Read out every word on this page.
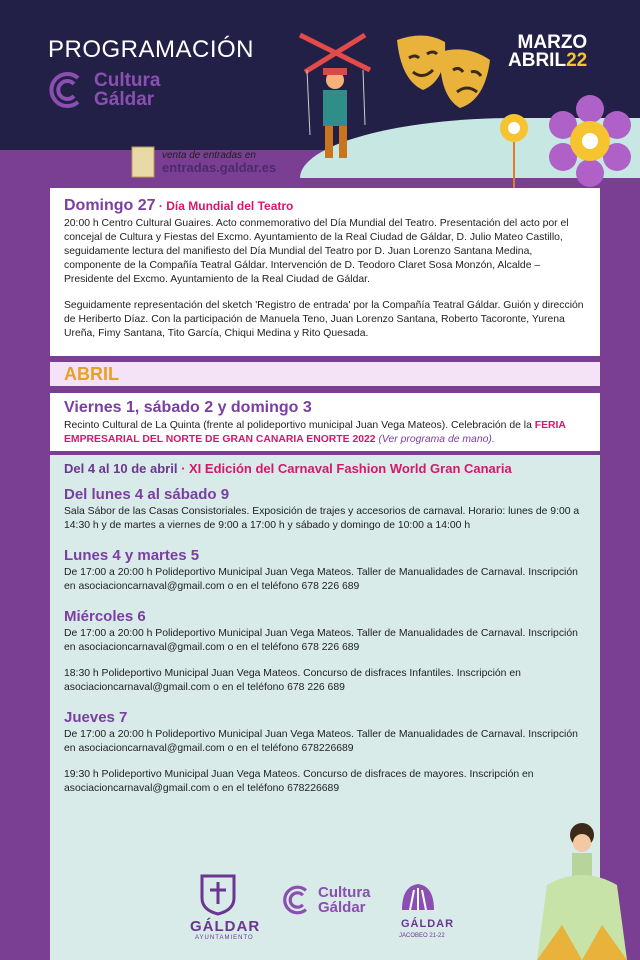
PROGRAMACIÓN
Cultura
Gáldar
MARZO
ABRIL22
venta de entradas en
entradas.galdar.es
Domingo 27 · Día Mundial del Teatro
20:00 h Centro Cultural Guaires. Acto conmemorativo del Día Mundial del Teatro. Presentación del acto por el concejal de Cultura y Fiestas del Excmo. Ayuntamiento de la Real Ciudad de Gáldar, D. Julio Mateo Castillo, seguidamente lectura del manifiesto del Día Mundial del Teatro por D. Juan Lorenzo Santana Medina, componente de la Compañía Teatral Gáldar. Intervención de D. Teodoro Claret Sosa Monzón, Alcalde – Presidente del Excmo. Ayuntamiento de la Real Ciudad de Gáldar.
Seguidamente representación del sketch 'Registro de entrada' por la Compañía Teatral Gáldar. Guión y dirección de Heriberto Díaz. Con la participación de Manuela Teno, Juan Lorenzo Santana, Roberto Tacoronte, Yurena Ureña, Fimy Santana, Tito García, Chiqui Medina y Rito Quesada.
ABRIL
Viernes 1, sábado 2 y domingo 3
Recinto Cultural de La Quinta (frente al polideportivo municipal Juan Vega Mateos). Celebración de la FERIA EMPRESARIAL DEL NORTE DE GRAN CANARIA ENORTE 2022 (Ver programa de mano).
Del 4 al 10 de abril · XI Edición del Carnaval Fashion World Gran Canaria
Del lunes 4 al sábado 9
Sala Sábor de las Casas Consistoriales. Exposición de trajes y accesorios de carnaval. Horario: lunes de 9:00 a 14:30 h y de martes a viernes de 9:00 a 17:00 h y sábado y domingo de 10:00 a 14:00 h
Lunes 4 y martes 5
De 17:00 a 20:00 h Polideportivo Municipal Juan Vega Mateos. Taller de Manualidades de Carnaval. Inscripción en asociacioncarnaval@gmail.com o en el teléfono 678 226 689
Miércoles 6
De 17:00 a 20:00 h Polideportivo Municipal Juan Vega Mateos. Taller de Manualidades de Carnaval. Inscripción en asociacioncarnaval@gmail.com o en el teléfono 678 226 689
18:30 h Polideportivo Municipal Juan Vega Mateos. Concurso de disfraces Infantiles. Inscripción en asociacioncarnaval@gmail.com o en el teléfono 678 226 689
Jueves 7
De 17:00 a 20:00 h Polideportivo Municipal Juan Vega Mateos. Taller de Manualidades de Carnaval. Inscripción en asociacioncarnaval@gmail.com o en el teléfono 678226689
19:30 h Polideportivo Municipal Juan Vega Mateos. Concurso de disfraces de mayores. Inscripción en asociacioncarnaval@gmail.com o en el teléfono 678226689
GÁLDAR
AYUNTAMIENTO
Cultura
Gáldar
GÁLDAR
JACOBEO 21-22
